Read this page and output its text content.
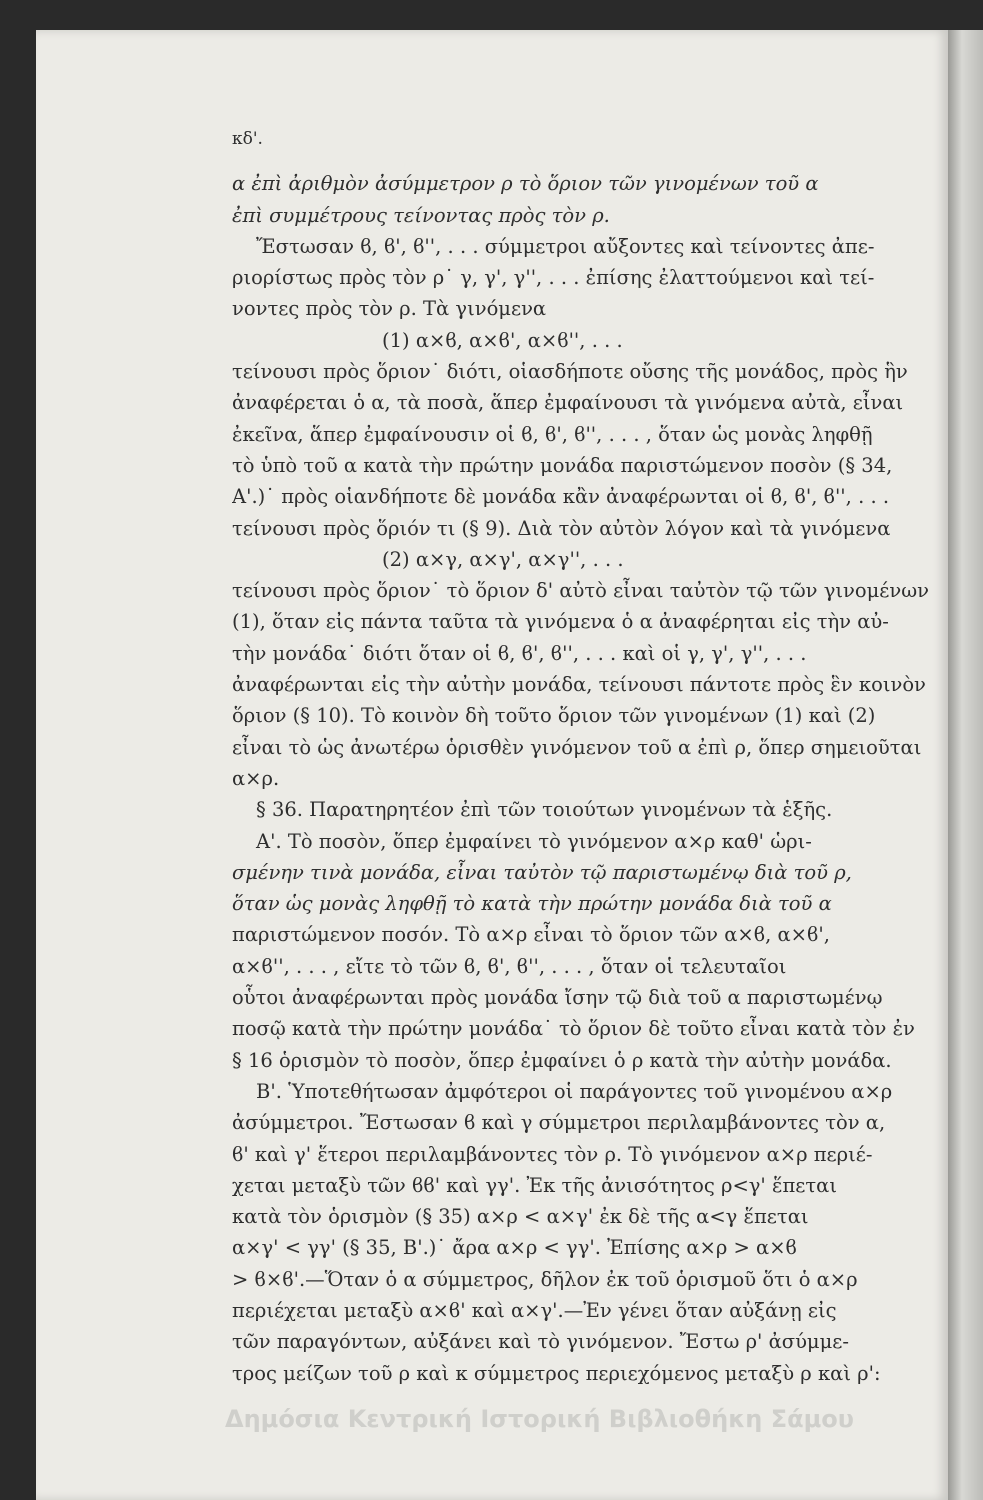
κδ'.
α ἐπὶ ἀριθμὸν ἀσύμμετρον ρ τὸ ὅριον τῶν γινομένων τοῦ α
ἐπὶ συμμέτρους τείνοντας πρὸς τὸν ρ.
Ἔστωσαν ϐ, ϐ', ϐ'', . . . σύμμετροι αὔξοντες καὶ τείνοντες ἀπε-
ριορίστως πρὸς τὸν ρ˙ γ, γ', γ'', . . . ἐπίσης ἐλαττούμενοι καὶ τεί-
νοντες πρὸς τὸν ρ. Τὰ γινόμενα
(1) α×ϐ, α×ϐ', α×ϐ'', . . .
τείνουσι πρὸς ὅριον˙ διότι, οἱασδήποτε οὔσης τῆς μονάδος, πρὸς ἣν
ἀναφέρεται ὁ α, τὰ ποσὰ, ἅπερ ἐμφαίνουσι τὰ γινόμενα αὐτὰ, εἶναι
ἐκεῖνα, ἅπερ ἐμφαίνουσιν οἱ ϐ, ϐ', ϐ'', . . . , ὅταν ὡς μονὰς ληφθῇ
τὸ ὑπὸ τοῦ α κατὰ τὴν πρώτην μονάδα παριστώμενον ποσὸν (§ 34,
Α'.)˙ πρὸς οἱανδήποτε δὲ μονάδα κἂν ἀναφέρωνται οἱ ϐ, ϐ', ϐ'', . . .
τείνουσι πρὸς ὅριόν τι (§ 9). Διὰ τὸν αὐτὸν λόγον καὶ τὰ γινόμενα
(2) α×γ, α×γ', α×γ'', . . .
τείνουσι πρὸς ὅριον˙ τὸ ὅριον δ' αὐτὸ εἶναι ταὐτὸν τῷ τῶν γινομένων
(1), ὅταν εἰς πάντα ταῦτα τὰ γινόμενα ὁ α ἀναφέρηται εἰς τὴν αὐ-
τὴν μονάδα˙ διότι ὅταν οἱ ϐ, ϐ', ϐ'', . . . καὶ οἱ γ, γ', γ'', . . .
ἀναφέρωνται εἰς τὴν αὐτὴν μονάδα, τείνουσι πάντοτε πρὸς ἓν κοινὸν
ὅριον (§ 10). Τὸ κοινὸν δὴ τοῦτο ὅριον τῶν γινομένων (1) καὶ (2)
εἶναι τὸ ὡς ἀνωτέρω ὁρισθὲν γινόμενον τοῦ α ἐπὶ ρ, ὅπερ σημειοῦται
α×ρ.
§ 36. Παρατηρητέον ἐπὶ τῶν τοιούτων γινομένων τὰ ἑξῆς.
Α'. Τὸ ποσὸν, ὅπερ ἐμφαίνει τὸ γινόμενον α×ρ καθ' ὡρι-
σμένην τινὰ μονάδα, εἶναι ταὐτὸν τῷ παριστωμένῳ διὰ τοῦ ρ,
ὅταν ὡς μονὰς ληφθῇ τὸ κατὰ τὴν πρώτην μονάδα διὰ τοῦ α
παριστώμενον ποσόν. Τὸ α×ρ εἶναι τὸ ὅριον τῶν α×ϐ, α×ϐ',
α×ϐ'', . . . , εἴτε τὸ τῶν ϐ, ϐ', ϐ'', . . . , ὅταν οἱ τελευταῖοι
οὗτοι ἀναφέρωνται πρὸς μονάδα ἴσην τῷ διὰ τοῦ α παριστωμένῳ
ποσῷ κατὰ τὴν πρώτην μονάδα˙ τὸ ὅριον δὲ τοῦτο εἶναι κατὰ τὸν ἐν
§ 16 ὁρισμὸν τὸ ποσὸν, ὅπερ ἐμφαίνει ὁ ρ κατὰ τὴν αὐτὴν μονάδα.
Β'. Ὑποτεθήτωσαν ἀμφότεροι οἱ παράγοντες τοῦ γινομένου α×ρ
ἀσύμμετροι. Ἔστωσαν ϐ καὶ γ σύμμετροι περιλαμβάνοντες τὸν α,
ϐ' καὶ γ' ἕτεροι περιλαμβάνοντες τὸν ρ. Τὸ γινόμενον α×ρ περιέ-
χεται μεταξὺ τῶν ϐϐ' καὶ γγ'. Ἐκ τῆς ἀνισότητος ρ<γ' ἕπεται
κατὰ τὸν ὁρισμὸν (§ 35) α×ρ < α×γ' ἐκ δὲ τῆς α<γ ἕπεται
α×γ' < γγ' (§ 35, Β'.)˙ ἄρα α×ρ < γγ'. Ἐπίσης α×ρ > α×ϐ
> ϐ×ϐ'.—Ὅταν ὁ α σύμμετρος, δῆλον ἐκ τοῦ ὁρισμοῦ ὅτι ὁ α×ρ
περιέχεται μεταξὺ α×ϐ' καὶ α×γ'.—Ἐν γένει ὅταν αὐξάνῃ εἰς
τῶν παραγόντων, αὐξάνει καὶ τὸ γινόμενον. Ἔστω ρ' ἀσύμμε-
τρος μείζων τοῦ ρ καὶ κ σύμμετρος περιεχόμενος μεταξὺ ρ καὶ ρ':
Δημόσια Κεντρική Ιστορική Βιβλιοθήκη Σάμου
